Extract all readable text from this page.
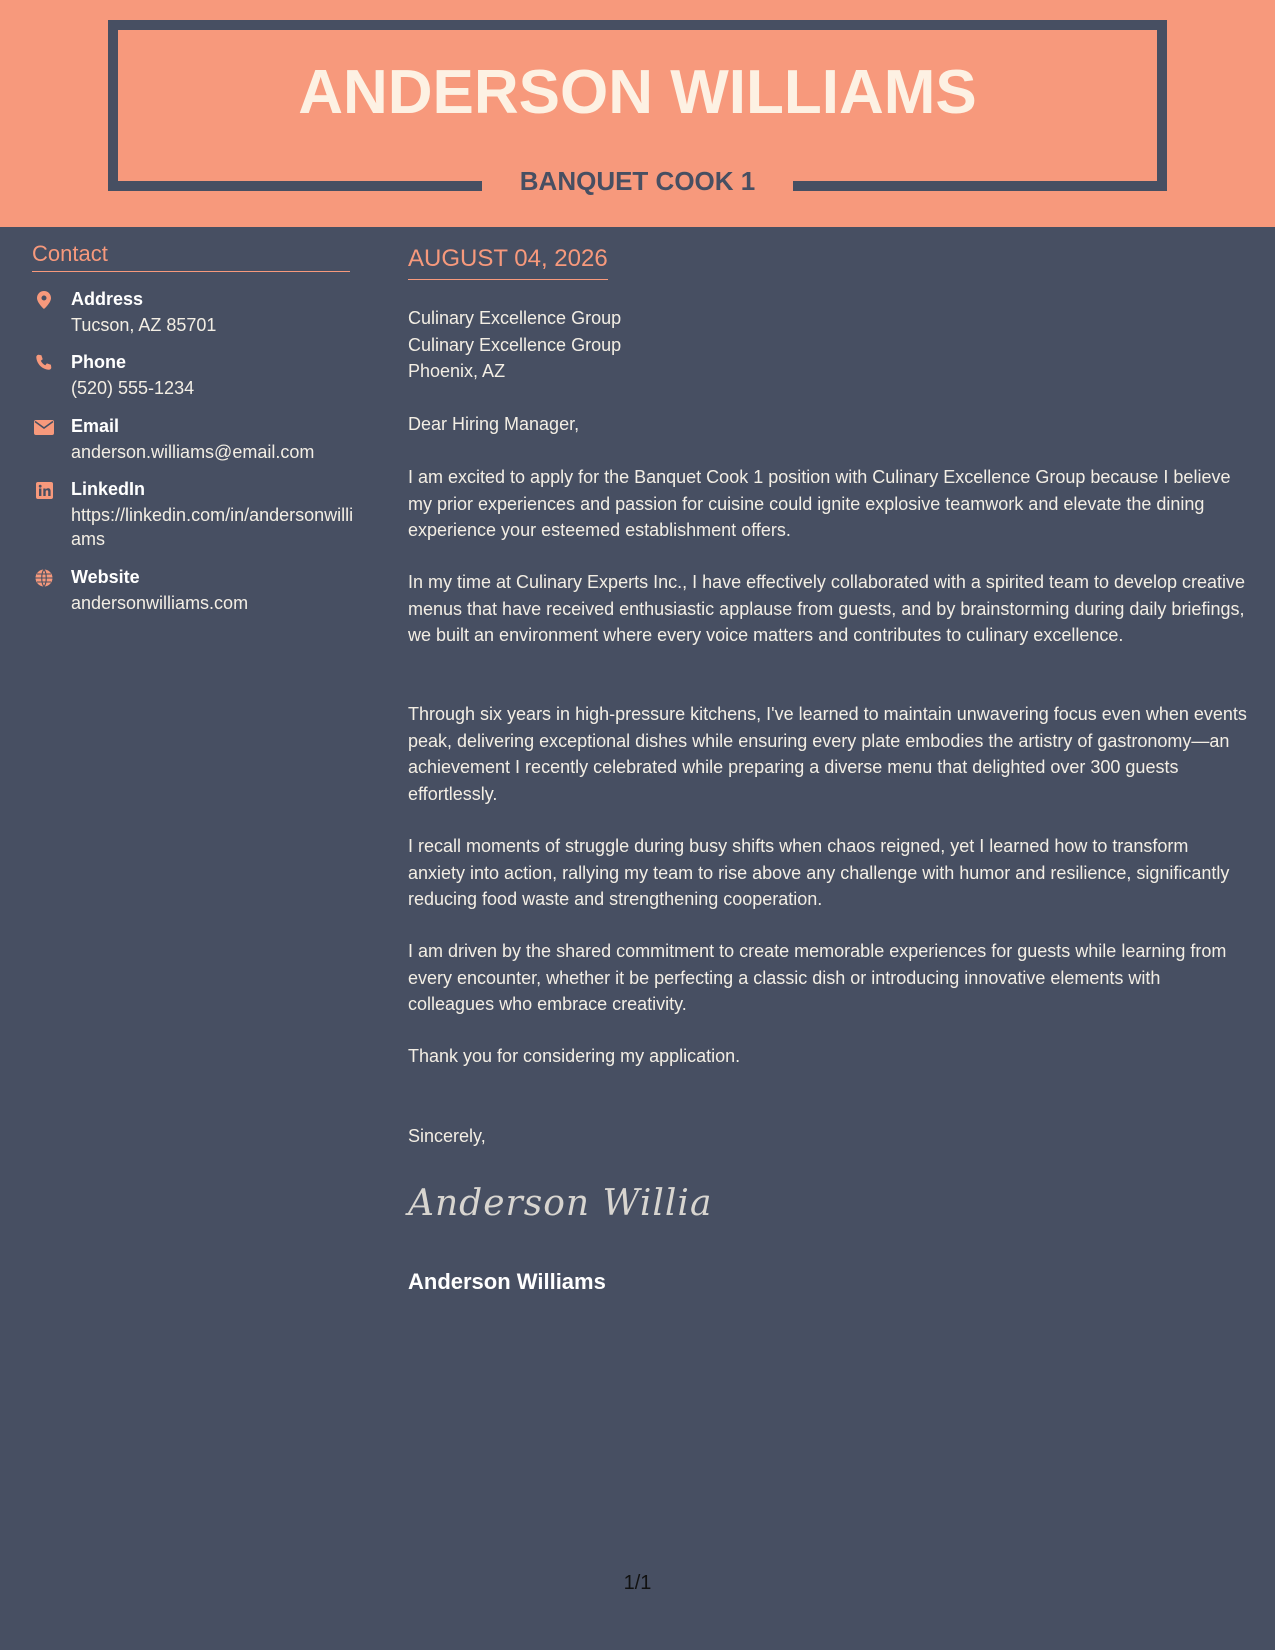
ANDERSON WILLIAMS
BANQUET COOK 1
Contact
Address
Tucson, AZ 85701
Phone
(520) 555-1234
Email
anderson.williams@email.com
LinkedIn
https://linkedin.com/in/andersonwilliams
Website
andersonwilliams.com
AUGUST 04, 2026
Culinary Excellence Group
Culinary Excellence Group
Phoenix, AZ
Dear Hiring Manager,
I am excited to apply for the Banquet Cook 1 position with Culinary Excellence Group because I believe my prior experiences and passion for cuisine could ignite explosive teamwork and elevate the dining experience your esteemed establishment offers.
In my time at Culinary Experts Inc., I have effectively collaborated with a spirited team to develop creative menus that have received enthusiastic applause from guests, and by brainstorming during daily briefings, we built an environment where every voice matters and contributes to culinary excellence.
Through six years in high-pressure kitchens, I've learned to maintain unwavering focus even when events peak, delivering exceptional dishes while ensuring every plate embodies the artistry of gastronomy—an achievement I recently celebrated while preparing a diverse menu that delighted over 300 guests effortlessly.
I recall moments of struggle during busy shifts when chaos reigned, yet I learned how to transform anxiety into action, rallying my team to rise above any challenge with humor and resilience, significantly reducing food waste and strengthening cooperation.
I am driven by the shared commitment to create memorable experiences for guests while learning from every encounter, whether it be perfecting a classic dish or introducing innovative elements with colleagues who embrace creativity.
Thank you for considering my application.
Sincerely,
Anderson Willia
Anderson Williams
1/1
